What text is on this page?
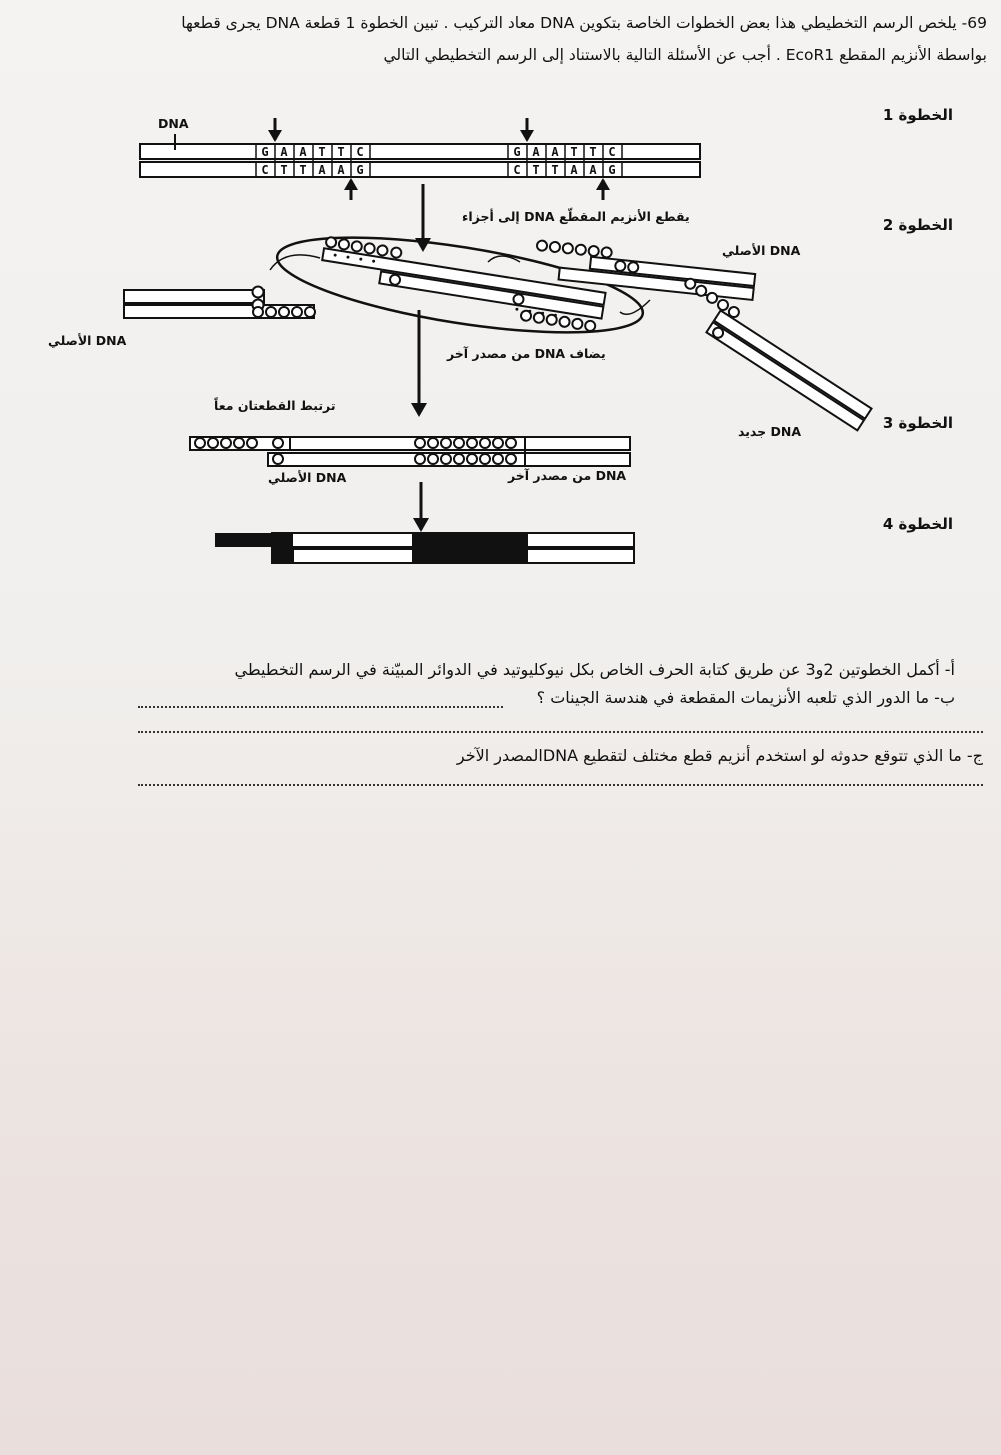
69- يلخص الرسم التخطيطي هذا بعض الخطوات الخاصة بتكوين DNA معاد التركيب . تبين الخطوة 1 قطعة DNA يجرى قطعها
بواسطة الأنزيم المقطع EcoR1 . أجب عن الأسئلة التالية بالاستناد إلى الرسم التخطيطي التالي
الخطوة 1
الخطوة 2
الخطوة 3
الخطوة 4
G A A T T C
C T T A A G
G A A T T C
C T T A A G
DNA
يقطع الأنزيم المقطّع DNA إلى أجزاء
DNA الأصلي
DNA الأصلي
يضاف DNA من مصدر آخر
ترتبط القطعتان معاً
DNA جديد
DNA الأصلي	DNA من مصدر آخر
أ- أكمل الخطوتين 2و3 عن طريق كتابة الحرف الخاص بكل نيوكليوتيد في الدوائر المبيّنة في الرسم التخطيطي
ب- ما الدور الذي تلعبه الأنزيمات المقطعة في هندسة الجينات ؟
ج- ما الذي تتوقع حدوثه لو استخدم أنزيم قطع مختلف لتقطيع DNAالمصدر الآخر
